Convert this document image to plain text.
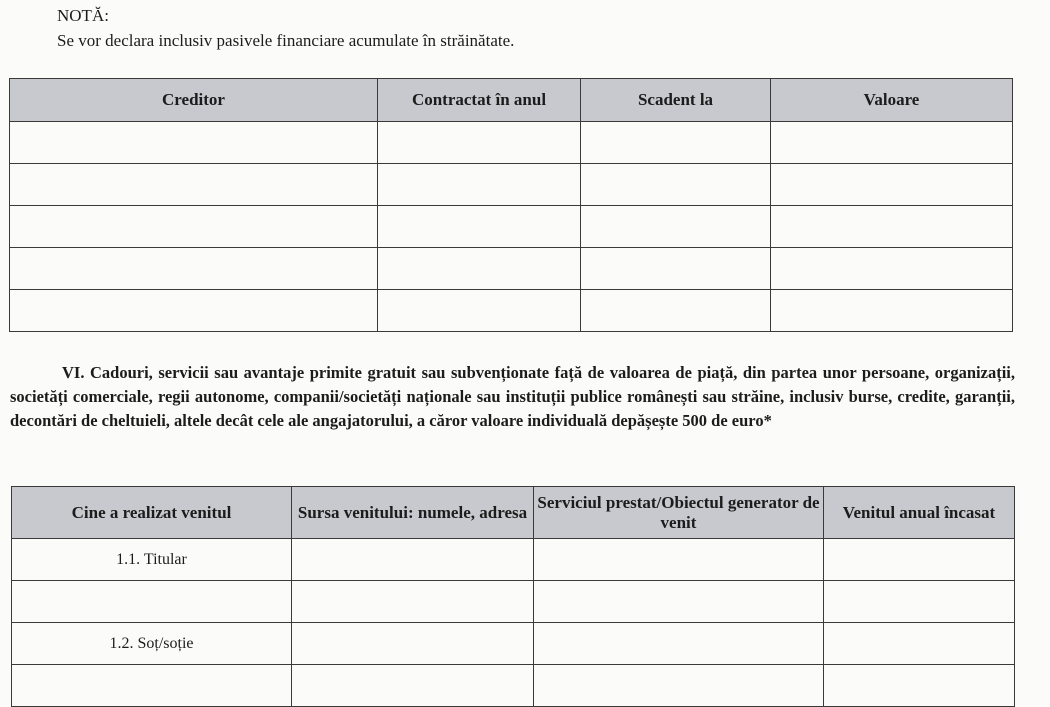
NOTĂ:
Se vor declara inclusiv pasivele financiare acumulate în străinătate.
Creditor	Contractat în anul	Scadent la	Valoare

VI. Cadouri, servicii sau avantaje primite gratuit sau subvenționate față de valoarea de piață, din partea unor persoane, organizații, societăți comerciale, regii autonome, companii/societăți naționale sau instituții publice românești sau străine, inclusiv burse, credite, garanții, decontări de cheltuieli, altele decât cele ale angajatorului, a căror valoare individuală depășește 500 de euro*
Cine a realizat venitul	Sursa venitului: numele, adresa	Serviciul prestat/Obiectul generator de venit	Venitul anual încasat
1.1. Titular			

1.2. Soț/soție			
